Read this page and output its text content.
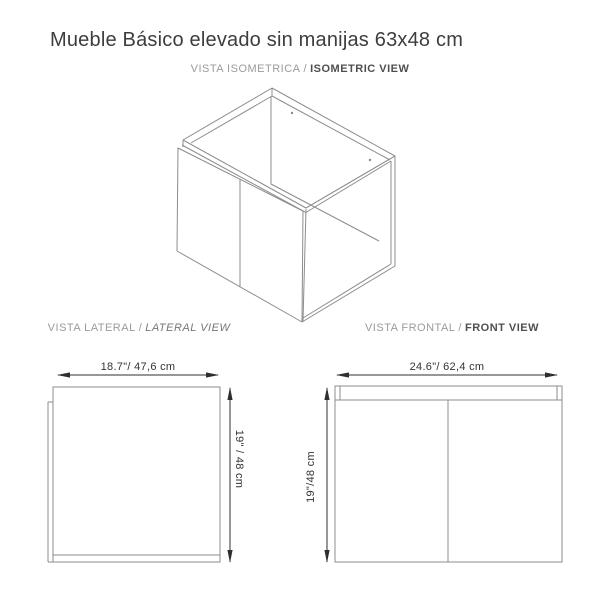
Mueble Básico elevado sin manijas 63x48 cm
VISTA ISOMETRICA / ISOMETRIC VIEW
VISTA LATERAL / LATERAL VIEW	VISTA FRONTAL / FRONT VIEW
18.7"/ 47,6 cm
19" / 48 cm
24.6"/ 62,4 cm
19"/48 cm
